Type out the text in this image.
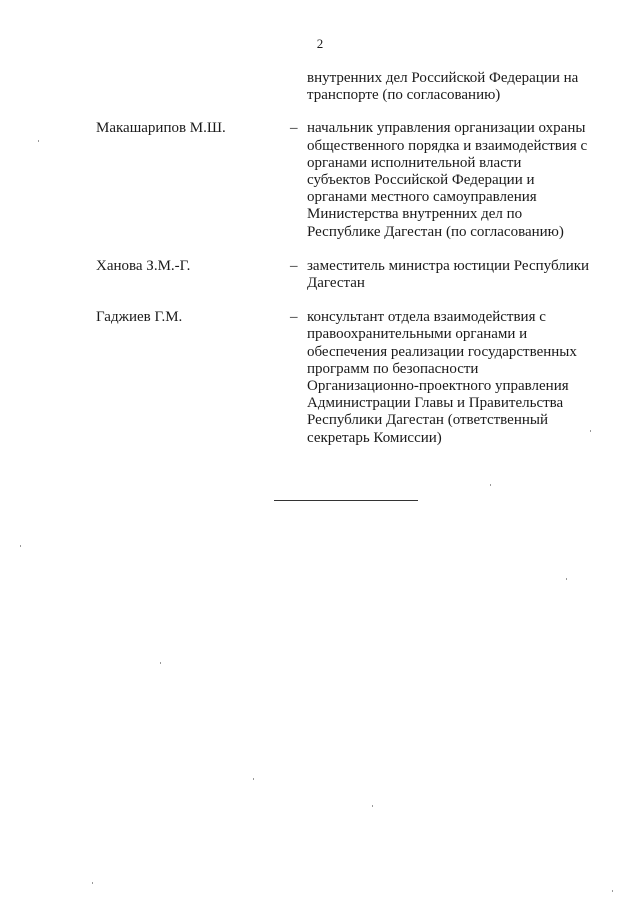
2
внутренних дел Российской Федерации на
транспорте (по согласованию)
Макашарипов М.Ш.	– начальник управления организации охраны
общественного порядка и взаимодействия с
органами исполнительной власти
субъектов Российской Федерации и
органами местного самоуправления
Министерства внутренних дел по
Республике Дагестан (по согласованию)
Ханова З.М.-Г.	– заместитель министра юстиции Республики
Дагестан
Гаджиев Г.М.	– консультант отдела взаимодействия с
правоохранительными органами и
обеспечения реализации государственных
программ по безопасности
Организационно-проектного управления
Администрации Главы и Правительства
Республики Дагестан (ответственный
секретарь Комиссии)
